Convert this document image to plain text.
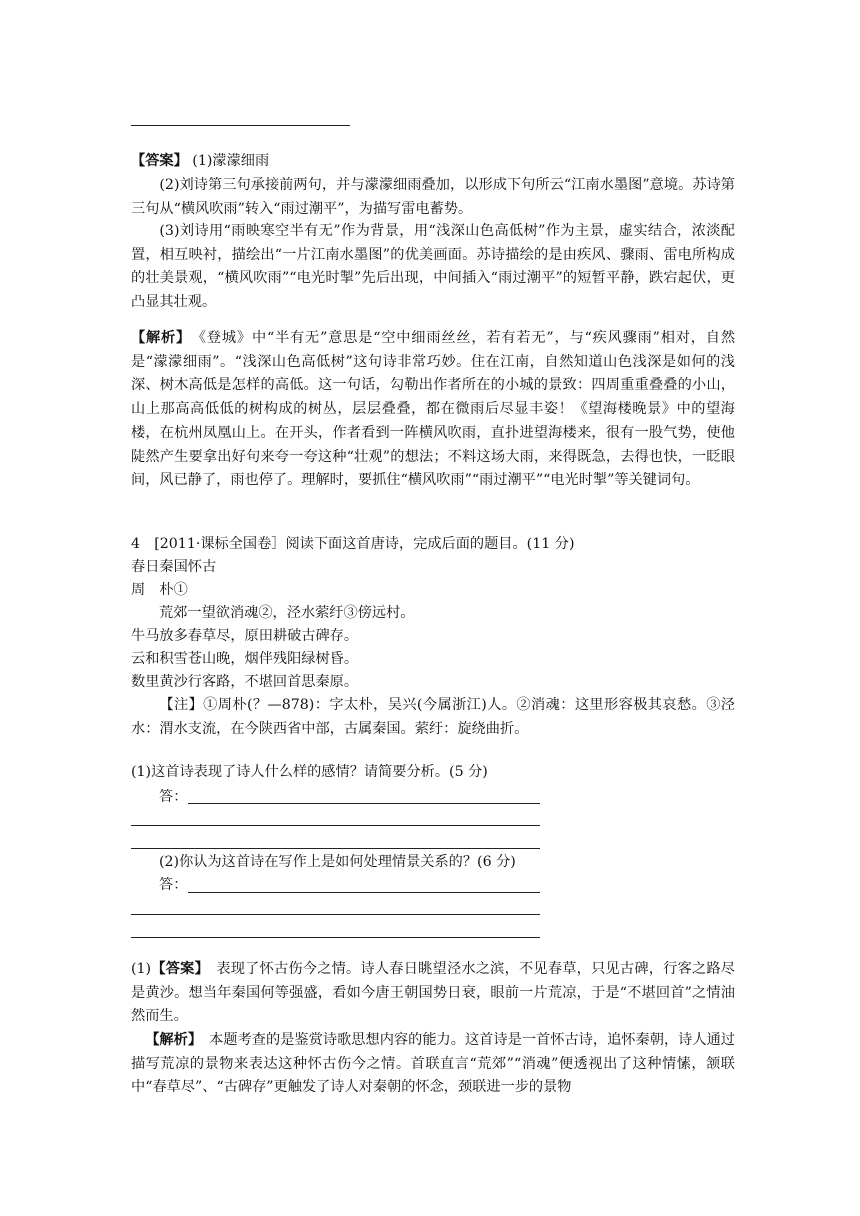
【答案】 (1)濛濛细雨

(2)刘诗第三句承接前两句，并与濛濛细雨叠加，以形成下句所云“江南水墨图”意境。苏诗第三句从“横风吹雨”转入“雨过潮平”，为描写雷电蓄势。

(3)刘诗用“雨映寒空半有无”作为背景，用“浅深山色高低树”作为主景，虚实结合，浓淡配置，相互映衬，描绘出“一片江南水墨图”的优美画面。苏诗描绘的是由疾风、骤雨、雷电所构成的壮美景观，“横风吹雨”“电光时掣”先后出现，中间插入“雨过潮平”的短暂平静，跌宕起伏，更凸显其壮观。

【解析】　《登城》中“半有无”意思是“空中细雨丝丝，若有若无”，与“疾风骤雨”相对，自然是“濛濛细雨”。“浅深山色高低树”这句诗非常巧妙。住在江南，自然知道山色浅深是如何的浅深、树木高低是怎样的高低。这一句话，勾勒出作者所在的小城的景致：四周重重叠叠的小山，山上那高高低低的树构成的树丛，层层叠叠，都在微雨后尽显丰姿！《望海楼晚景》中的望海楼，在杭州凤凰山上。在开头，作者看到一阵横风吹雨，直扑进望海楼来，很有一股气势，使他陡然产生要拿出好句来夸一夸这种“壮观”的想法；不料这场大雨，来得既急，去得也快，一眨眼间，风已静了，雨也停了。理解时，要抓住“横风吹雨”“雨过潮平”“电光时掣”等关键词句。

4　[2011·课标全国卷］阅读下面这首唐诗，完成后面的题目。(11 分)

春日秦国怀古

周　朴①

荒郊一望欲消魂②，泾水萦纡③傍远村。

牛马放多春草尽，原田耕破古碑存。

云和积雪苍山晚，烟伴残阳绿树昏。

数里黄沙行客路，不堪回首思秦原。

【注】①周朴(？—878)：字太朴，吴兴(今属浙江)人。②消魂：这里形容极其哀愁。③泾水：渭水支流，在今陕西省中部，古属秦国。萦纡：旋绕曲折。

(1)这首诗表现了诗人什么样的感情？请简要分析。(5 分)

答：

(2)你认为这首诗在写作上是如何处理情景关系的？(6 分)

答：

(1)【答案】　表现了怀古伤今之情。诗人春日眺望泾水之滨，不见春草，只见古碑，行客之路尽是黄沙。想当年秦国何等强盛，看如今唐王朝国势日衰，眼前一片荒凉，于是“不堪回首”之情油然而生。

【解析】　本题考查的是鉴赏诗歌思想内容的能力。这首诗是一首怀古诗，追怀秦朝，诗人通过描写荒凉的景物来表达这种怀古伤今之情。首联直言“荒郊”“消魂”便透视出了这种情愫，颔联中“春草尽”、“古碑存”更触发了诗人对秦朝的怀念，颈联进一步的景物
